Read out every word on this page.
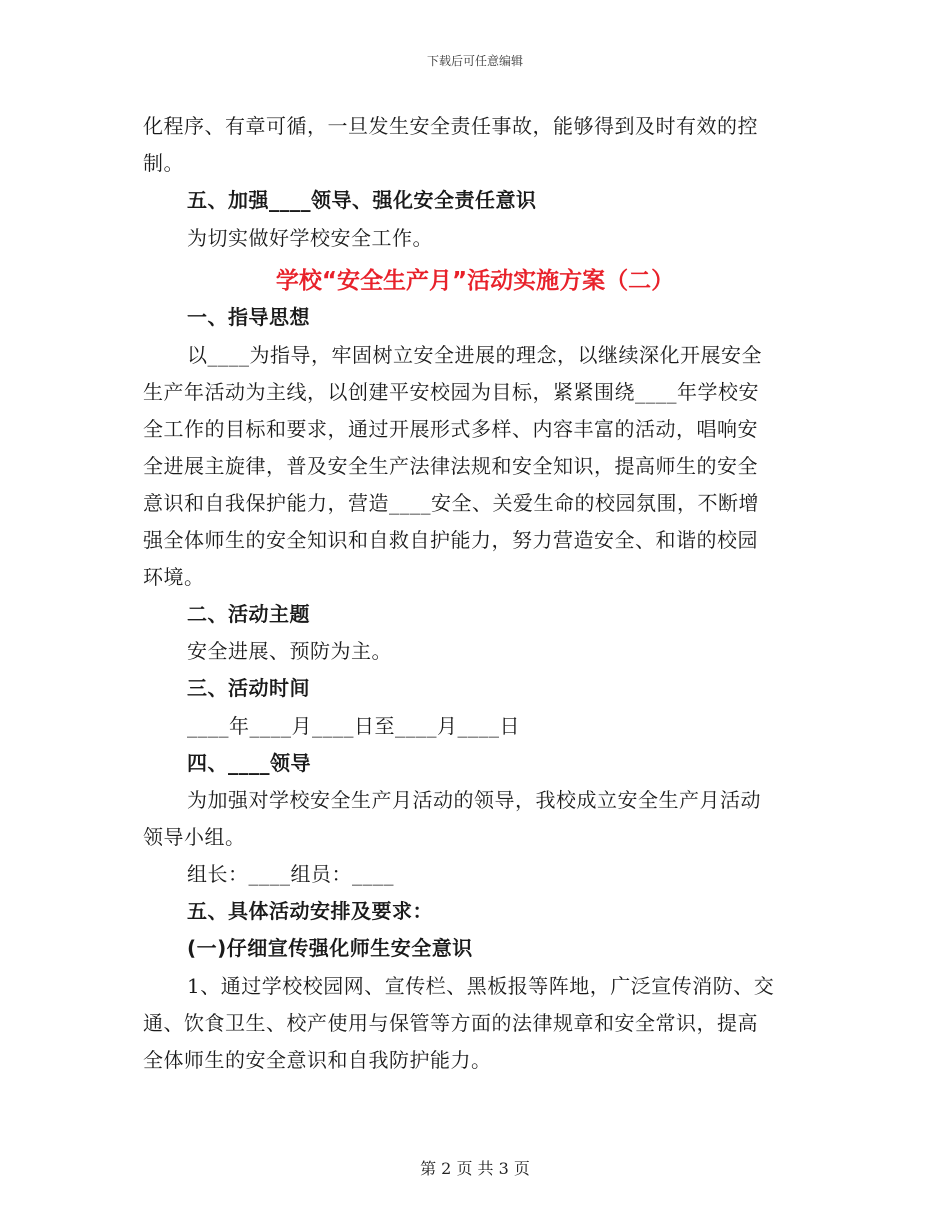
下载后可任意编辑
化程序、有章可循，一旦发生安全责任事故，能够得到及时有效的控
制。
五、加强____领导、强化安全责任意识
为切实做好学校安全工作。
学校“安全生产月”活动实施方案（二）
一、指导思想
以____为指导，牢固树立安全进展的理念，以继续深化开展安全
生产年活动为主线，以创建平安校园为目标，紧紧围绕____年学校安
全工作的目标和要求，通过开展形式多样、内容丰富的活动，唱响安
全进展主旋律，普及安全生产法律法规和安全知识，提高师生的安全
意识和自我保护能力，营造____安全、关爱生命的校园氛围，不断增
强全体师生的安全知识和自救自护能力，努力营造安全、和谐的校园
环境。
二、活动主题
安全进展、预防为主。
三、活动时间
____年____月____日至____月____日
四、____领导
为加强对学校安全生产月活动的领导，我校成立安全生产月活动
领导小组。
组长：____组员：____
五、具体活动安排及要求：
(一)仔细宣传强化师生安全意识
1、通过学校校园网、宣传栏、黑板报等阵地，广泛宣传消防、交
通、饮食卫生、校产使用与保管等方面的法律规章和安全常识，提高
全体师生的安全意识和自我防护能力。
第 2 页 共 3 页
